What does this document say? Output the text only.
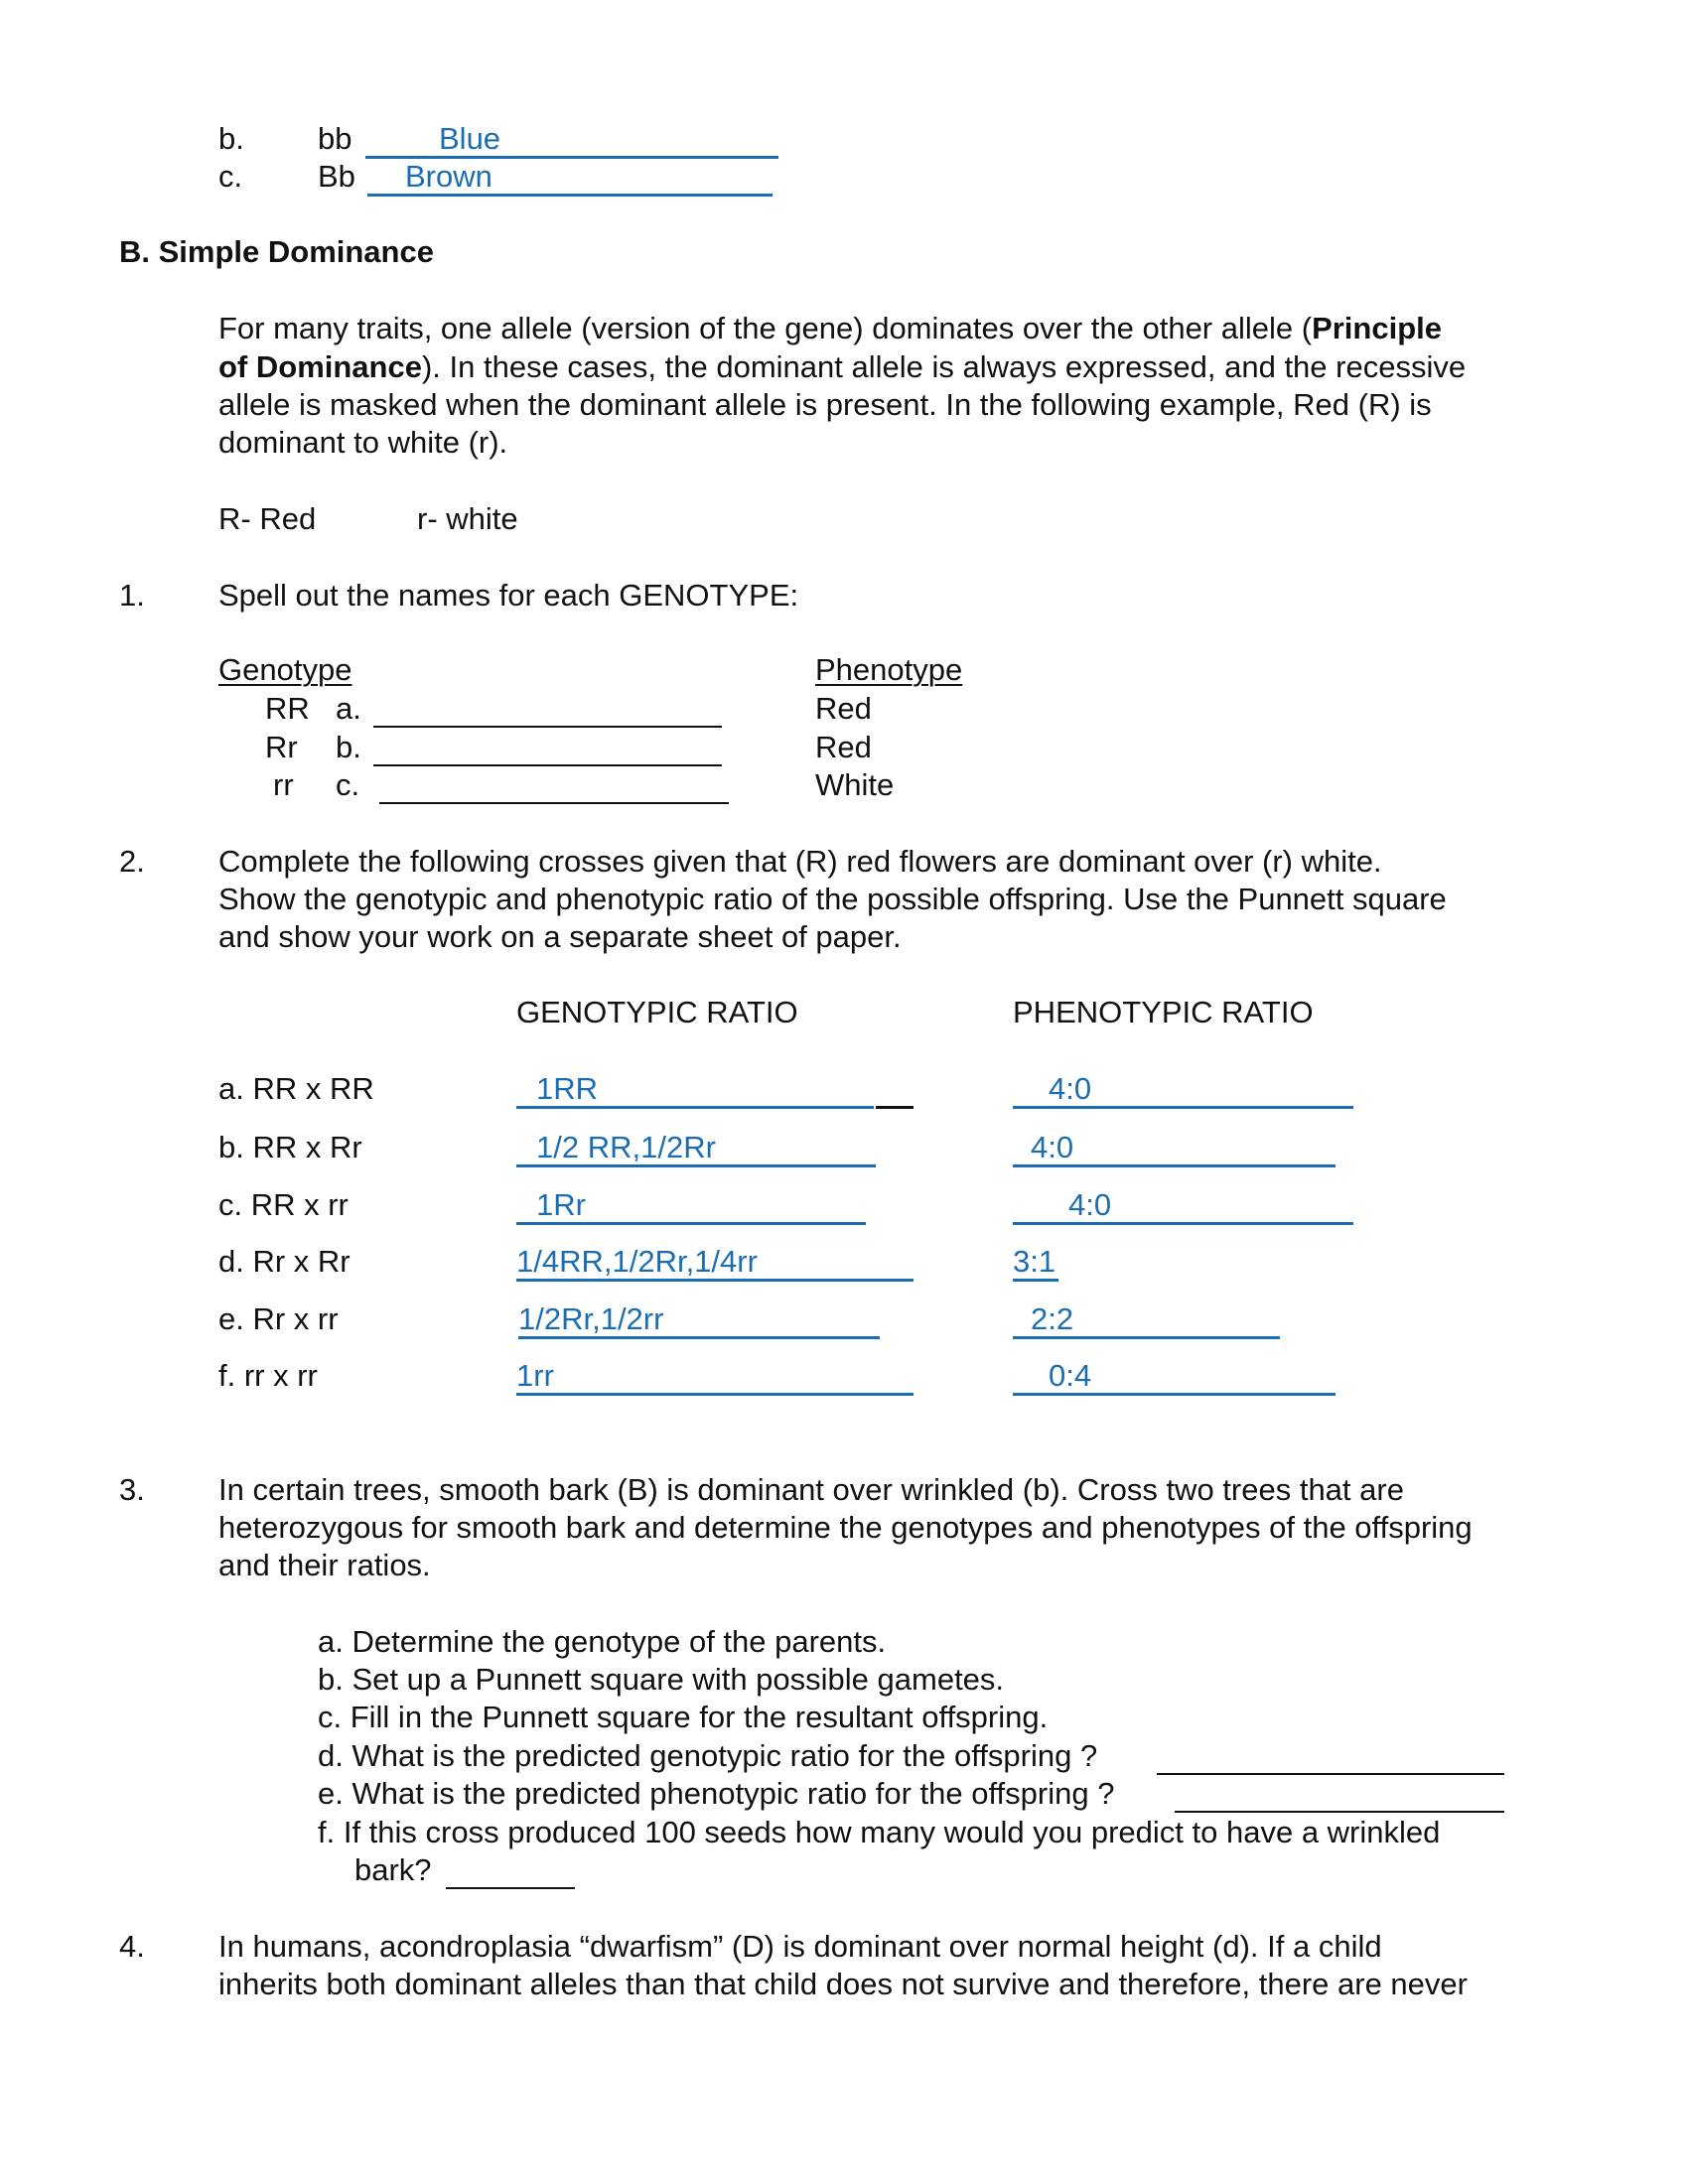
b. bb	Blue
c. Bb	Brown
B. Simple Dominance
For many traits, one allele (version of the gene) dominates over the other allele (Principle
of Dominance). In these cases, the dominant allele is always expressed, and the recessive
allele is masked when the dominant allele is present. In the following example, Red (R) is
dominant to white (r).
R- Red	r- white
1. Spell out the names for each GENOTYPE:
Genotype	Phenotype
RR a.	Red
Rr b.	Red
rr c.	White
2. Complete the following crosses given that (R) red flowers are dominant over (r) white.
Show the genotypic and phenotypic ratio of the possible offspring. Use the Punnett square
and show your work on a separate sheet of paper.
GENOTYPIC RATIO	PHENOTYPIC RATIO
a. RR x RR	1RR	4:0
b. RR x Rr	1/2 RR,1/2Rr	4:0
c. RR x rr	1Rr	4:0
d. Rr x Rr	1/4RR,1/2Rr,1/4rr	3:1
e. Rr x rr	1/2Rr,1/2rr	2:2
f. rr x rr	1rr	0:4
3. In certain trees, smooth bark (B) is dominant over wrinkled (b). Cross two trees that are
heterozygous for smooth bark and determine the genotypes and phenotypes of the offspring
and their ratios.
a. Determine the genotype of the parents.
b. Set up a Punnett square with possible gametes.
c. Fill in the Punnett square for the resultant offspring.
d. What is the predicted genotypic ratio for the offspring ?
e. What is the predicted phenotypic ratio for the offspring ?
f. If this cross produced 100 seeds how many would you predict to have a wrinkled
bark?
4. In humans, acondroplasia “dwarfism” (D) is dominant over normal height (d). If a child
inherits both dominant alleles than that child does not survive and therefore, there are never
